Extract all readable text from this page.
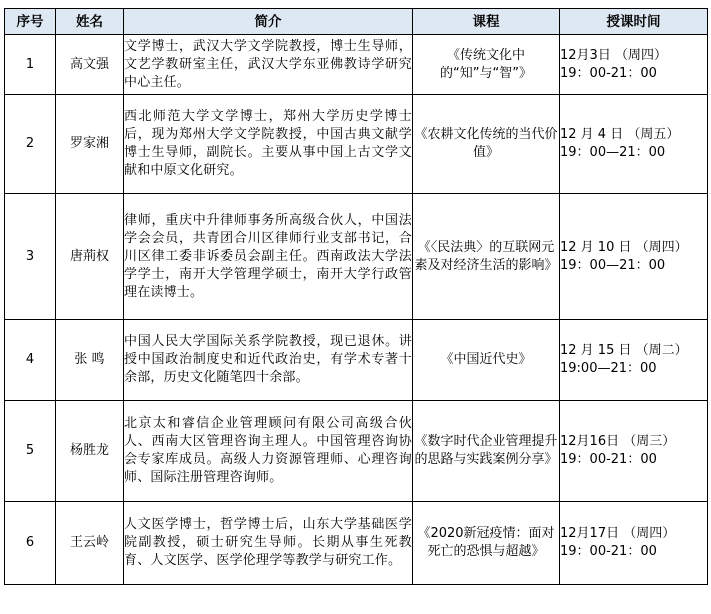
序号	姓名	简介	课程	授课时间
1	高文强	文学博士，武汉大学文学院教授，博士生导师，文艺学教研室主任，武汉大学东亚佛教诗学研究中心主任。	《传统文化中的“知”与“智”》	12月3日 （周四）
19：00-21：00
2	罗家湘	西北师范大学文学博士，郑州大学历史学博士后，现为郑州大学文学院教授，中国古典文献学博士生导师，副院长。主要从事中国上古文学文献和中原文化研究。	《农耕文化传统的当代价值》	12 月 4 日 （周五）
19：00—21：00
3	唐荊权	律师，重庆中升律师事务所高级合伙人，中国法学会会员，共青团合川区律师行业支部书记，合川区律工委非诉委员会副主任。西南政法大学法学学士，南开大学管理学硕士，南开大学行政管理在读博士。	《〈民法典〉的互联网元素及对经济生活的影响》	12 月 10 日 （周四）
19：00—21：00
4	张 鸣	中国人民大学国际关系学院教授，现已退休。讲授中国政治制度史和近代政治史，有学术专著十余部，历史文化随笔四十余部。	《中国近代史》	12 月 15 日 （周二）
19:00—21：00
5	杨胜龙	北京太和睿信企业管理顾问有限公司高级合伙人、西南大区管理咨询主理人。中国管理咨询协会专家库成员。高级人力资源管理师、心理咨询师、国际注册管理咨询师。	《数字时代企业管理提升的思路与实践案例分享》	12月16日 （周三）
19：00-21：00
6	王云岭	人文医学博士，哲学博士后，山东大学基础医学院副教授，硕士研究生导师。长期从事生死教育、人文医学、医学伦理学等教学与研究工作。	《2020新冠疫情：面对死亡的恐惧与超越》	12月17日 （周四）
19：00-21：00
